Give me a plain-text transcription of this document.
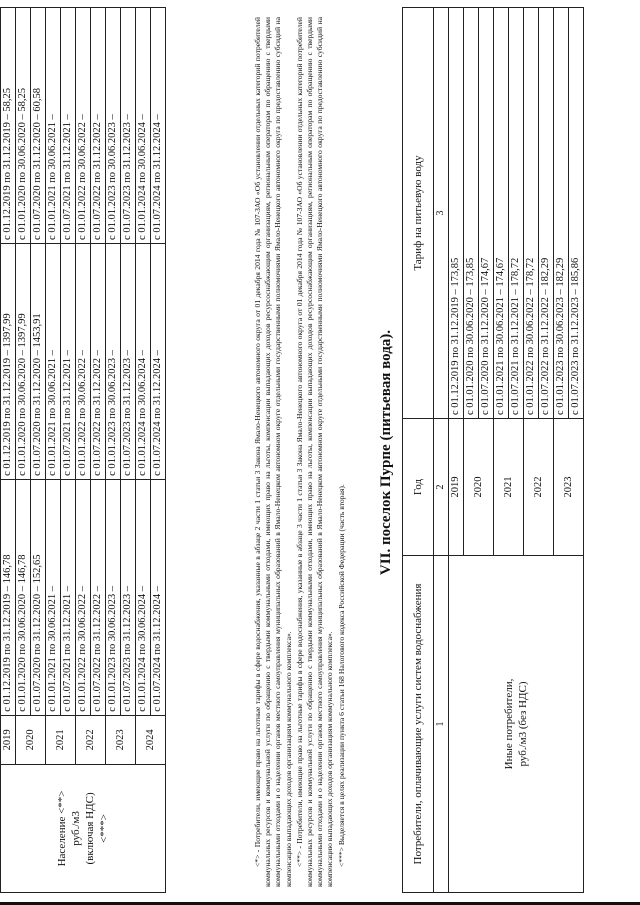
Население <**> руб./м3 (включая НДС) <***>	2019	с 01.12.2019 по 31.12.2019 – 146,78	с 01.12.2019 по 31.12.2019 – 1397,99	с 01.12.2019 по 31.12.2019 – 58,25
	2020	с 01.01.2020 по 30.06.2020 – 146,78	с 01.01.2020 по 30.06.2020 – 1397,99	с 01.01.2020 по 30.06.2020 – 58,25
		с 01.07.2020 по 31.12.2020 – 152,65	с 01.07.2020 по 31.12.2020 – 1453,91	с 01.07.2020 по 31.12.2020 – 60,58
	2021	с 01.01.2021 по 30.06.2021 –	с 01.01.2021 по 30.06.2021 –	с 01.01.2021 по 30.06.2021 –
		с 01.07.2021 по 31.12.2021 –	с 01.07.2021 по 31.12.2021 –	с 01.07.2021 по 31.12.2021 –
	2022	с 01.01.2022 по 30.06.2022 –	с 01.01.2022 по 30.06.2022 –	с 01.01.2022 по 30.06.2022 –
		с 01.07.2022 по 31.12.2022 –	с 01.07.2022 по 31.12.2022 –	с 01.07.2022 по 31.12.2022 –
	2023	с 01.01.2023 по 30.06.2023 –	с 01.01.2023 по 30.06.2023 –	с 01.01.2023 по 30.06.2023 –
		с 01.07.2023 по 31.12.2023 –	с 01.07.2023 по 31.12.2023 –	с 01.07.2023 по 31.12.2023 –
	2024	с 01.01.2024 по 30.06.2024 –	с 01.01.2024 по 30.06.2024 –	с 01.01.2024 по 30.06.2024 –
		с 01.07.2024 по 31.12.2024 –	с 01.07.2024 по 31.12.2024 –	с 01.07.2024 по 31.12.2024 –	<*> - Потребители, имеющие право на льготные тарифы в сфере водоснабжения, указанные в абзаце 2 части 1 статьи 3 Закона Ямало-Ненецкого автономного округа от 01 декабря 2014 года № 107-ЗАО «Об установлении отдельных категорий потребителей коммунальных ресурсов и коммунальной услуги по обращению с твердыми коммунальными отходами, имеющих право на льготы, компенсации выпадающих доходов ресурсоснабжающим организациям, региональным операторам по обращению с твердыми коммунальными отходами и о наделении органов местного самоуправления муниципальных образований в Ямало-Ненецком автономном округе отдельными государственными полномочиями Ямало-Ненецкого автономного округа по предоставлению субсидий на компенсацию выпадающих доходов организациям коммунального комплекса». <**> - Потребители, имеющие право на льготные тарифы в сфере водоснабжения, указанные в абзаце 3 части 1 статьи 3 Закона Ямало-Ненецкого автономного округа от 01 декабря 2014 года № 107-ЗАО «Об установлении отдельных категорий потребителей коммунальных ресурсов и коммунальной услуги по обращению с твердыми коммунальными отходами, имеющих право на льготы, компенсации выпадающих доходов ресурсоснабжающим организациям, региональным операторам по обращению с твердыми коммунальными отходами и о наделении органов местного самоуправления муниципальных образований в Ямало-Ненецком автономном округе отдельными государственными полномочиями Ямало-Ненецкого автономного округа по предоставлению субсидий на компенсацию выпадающих доходов организациям коммунального комплекса». <***> Выделяется в целях реализации пункта 6 статьи 168 Налогового кодекса Российской Федерации (часть вторая).

VII. поселок Пурпе (питьевая вода).
Потребители, оплачивающие услуги систем водоснабжения	Год	Тариф на питьевую воду
1	2	3

Иные потребители, руб./м3 (без НДС)	2019	с 01.12.2019 по 31.12.2019 – 173,85
	2020	с 01.01.2020 по 30.06.2020 – 173,85
		с 01.07.2020 по 31.12.2020 – 174,67
	2021	с 01.01.2021 по 30.06.2021 – 174,67
		с 01.07.2021 по 31.12.2021 – 178,72
	2022	с 01.01.2022 по 30.06.2022 – 178,72
		с 01.07.2022 по 31.12.2022 – 182,29
	2023	с 01.01.2023 по 30.06.2023 – 182,29
		с 01.07.2023 по 31.12.2023 – 185,86
